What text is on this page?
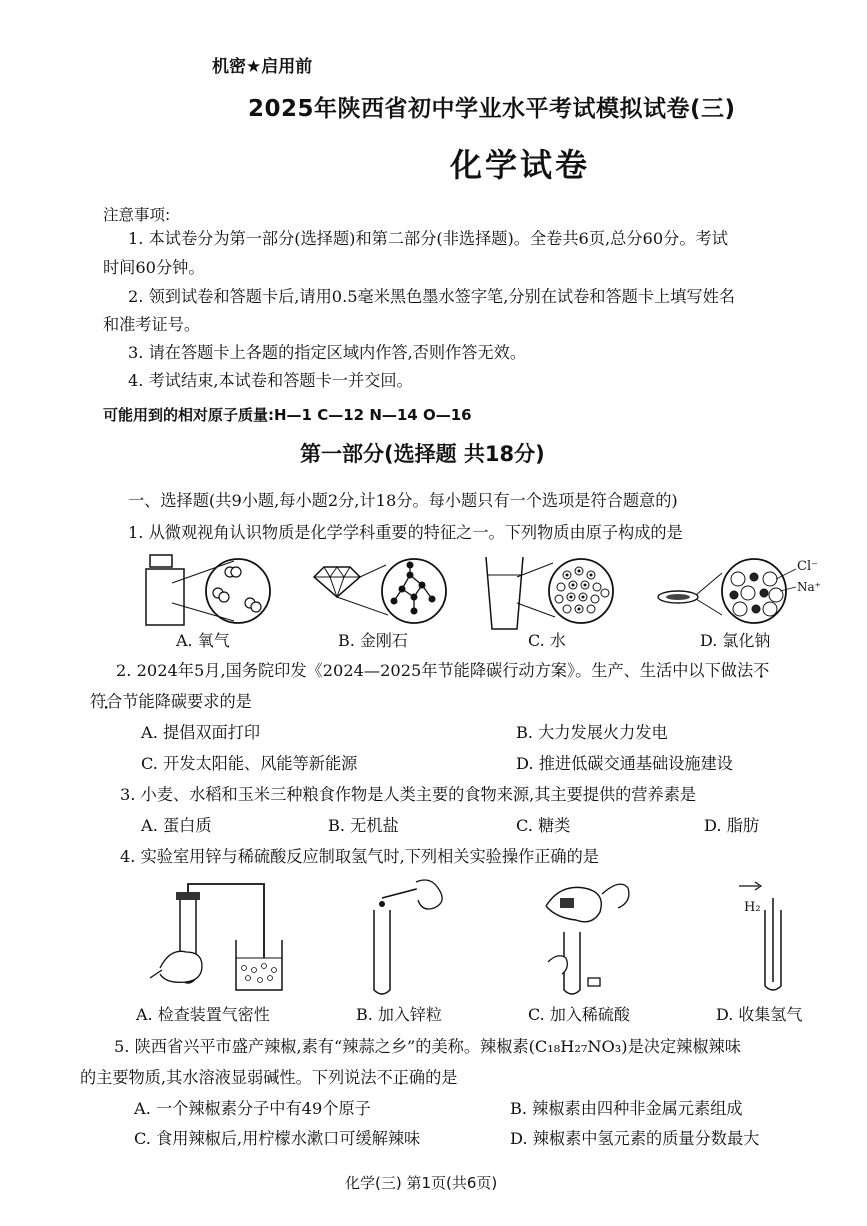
机密★启用前
2025年陕西省初中学业水平考试模拟试卷(三)
化学试卷
注意事项:
1. 本试卷分为第一部分(选择题)和第二部分(非选择题)。全卷共6页,总分60分。考试
时间60分钟。
2. 领到试卷和答题卡后,请用0.5毫米黑色墨水签字笔,分别在试卷和答题卡上填写姓名
和准考证号。
3. 请在答题卡上各题的指定区域内作答,否则作答无效。
4. 考试结束,本试卷和答题卡一并交回。
可能用到的相对原子质量:H—1 C—12 N—14 O—16
第一部分(选择题 共18分)
一、选择题(共9小题,每小题2分,计18分。每小题只有一个选项是符合题意的)
1. 从微观视角认识物质是化学学科重要的特征之一。下列物质由原子构成的是
Cl⁻
Na⁺
A. 氧气	B. 金刚石	C. 水	D. 氯化钠
2. 2024年5月,国务院印发《2024—2025年节能降碳行动方案》。生产、生活中以下做法不
符合节能降碳要求的是
A. 提倡双面打印	B. 大力发展火力发电
C. 开发太阳能、风能等新能源	D. 推进低碳交通基础设施建设
3. 小麦、水稻和玉米三种粮食作物是人类主要的食物来源,其主要提供的营养素是
A. 蛋白质	B. 无机盐	C. 糖类	D. 脂肪
4. 实验室用锌与稀硫酸反应制取氢气时,下列相关实验操作正确的是
H₂
A. 检查装置气密性	B. 加入锌粒	C. 加入稀硫酸	D. 收集氢气
5. 陕西省兴平市盛产辣椒,素有“辣蒜之乡”的美称。辣椒素(C₁₈H₂₇NO₃)是决定辣椒辣味
的主要物质,其水溶液显弱碱性。下列说法不正确的是
A. 一个辣椒素分子中有49个原子	B. 辣椒素由四种非金属元素组成
C. 食用辣椒后,用柠檬水漱口可缓解辣味	D. 辣椒素中氢元素的质量分数最大
化学(三) 第1页(共6页)
